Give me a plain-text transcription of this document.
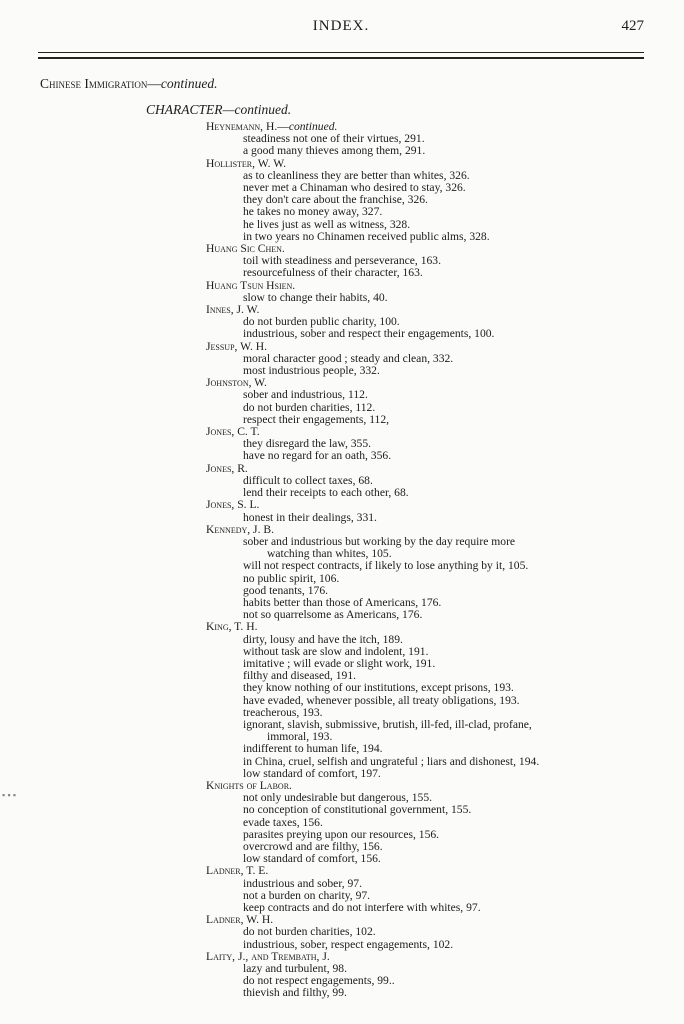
INDEX.	427
Chinese Immigration—continued.
CHARACTER—continued.
Heynemann, H.—continued.
steadiness not one of their virtues, 291.
a good many thieves among them, 291.
Hollister, W. W.
as to cleanliness they are better than whites, 326.
never met a Chinaman who desired to stay, 326.
they don't care about the franchise, 326.
he takes no money away, 327.
he lives just as well as witness, 328.
in two years no Chinamen received public alms, 328.
Huang Sic Chen.
toil with steadiness and perseverance, 163.
resourcefulness of their character, 163.
Huang Tsun Hsien.
slow to change their habits, 40.
Innes, J. W.
do not burden public charity, 100.
industrious, sober and respect their engagements, 100.
Jessup, W. H.
moral character good ; steady and clean, 332.
most industrious people, 332.
Johnston, W.
sober and industrious, 112.
do not burden charities, 112.
respect their engagements, 112,
Jones, C. T.
they disregard the law, 355.
have no regard for an oath, 356.
Jones, R.
difficult to collect taxes, 68.
lend their receipts to each other, 68.
Jones, S. L.
honest in their dealings, 331.
Kennedy, J. B.
sober and industrious but working by the day require more
watching than whites, 105.
will not respect contracts, if likely to lose anything by it, 105.
no public spirit, 106.
good tenants, 176.
habits better than those of Americans, 176.
not so quarrelsome as Americans, 176.
King, T. H.
dirty, lousy and have the itch, 189.
without task are slow and indolent, 191.
imitative ; will evade or slight work, 191.
filthy and diseased, 191.
they know nothing of our institutions, except prisons, 193.
have evaded, whenever possible, all treaty obligations, 193.
treacherous, 193.
ignorant, slavish, submissive, brutish, ill-fed, ill-clad, profane,
immoral, 193.
indifferent to human life, 194.
in China, cruel, selfish and ungrateful ; liars and dishonest, 194.
low standard of comfort, 197.
Knights of Labor.
not only undesirable but dangerous, 155.
no conception of constitutional government, 155.
evade taxes, 156.
parasites preying upon our resources, 156.
overcrowd and are filthy, 156.
low standard of comfort, 156.
Ladner, T. E.
industrious and sober, 97.
not a burden on charity, 97.
keep contracts and do not interfere with whites, 97.
Ladner, W. H.
do not burden charities, 102.
industrious, sober, respect engagements, 102.
Laity, J., and Trembath, J.
lazy and turbulent, 98.
do not respect engagements, 99..
thievish and filthy, 99.
▪ ▪ ▪
